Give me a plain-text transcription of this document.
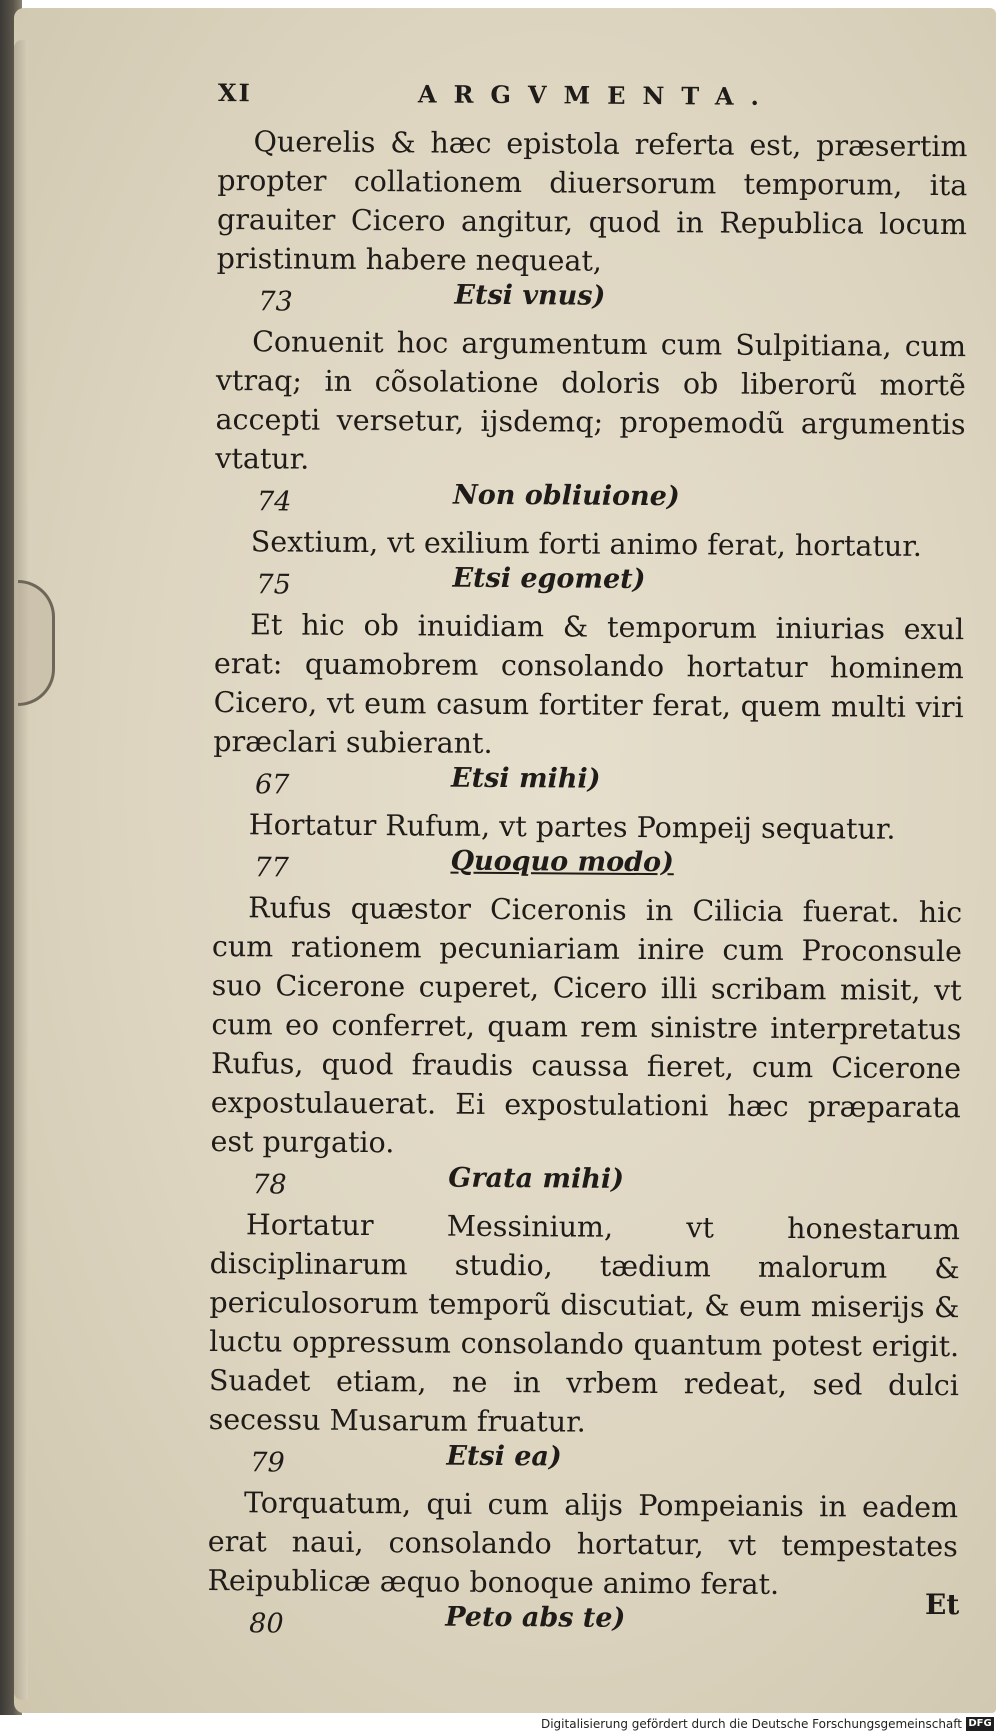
XI	ARGVMENTA.

Querelis & hæc epistola referta est, præsertim propter collationem diuersorum temporum, ita grauiter Cicero angitur, quod in Republica locum pristinum habere nequeat,

73	Etsi vnus)

Conuenit hoc argumentum cum Sulpitiana, cum vtraq; in cõsolatione doloris ob liberorũ mortẽ accepti versetur, ijsdemq; propemodũ argumentis vtatur.

74	Non obliuione)

Sextium, vt exilium forti animo ferat, hortatur.

75	Etsi egomet)

Et hic ob inuidiam & temporum iniurias exul erat: quamobrem consolando hortatur hominem Cicero, vt eum casum fortiter ferat, quem multi viri præclari subierant.

67	Etsi mihi)

Hortatur Rufum, vt partes Pompeij sequatur.

77	Quoquo modo)

Rufus quæstor Ciceronis in Cilicia fuerat. hic cum rationem pecuniariam inire cum Proconsule suo Cicerone cuperet, Cicero illi scribam misit, vt cum eo conferret, quam rem sinistre interpretatus Rufus, quod fraudis caussa fieret, cum Cicerone expostulauerat. Ei expostulationi hæc præparata est purgatio.

78	Grata mihi)

Hortatur Messinium, vt honestarum disciplinarum studio, tædium malorum & periculosorum temporũ discutiat, & eum miserijs & luctu oppressum consolando quantum potest erigit. Suadet etiam, ne in vrbem redeat, sed dulci secessu Musarum fruatur.

79	Etsi ea)

Torquatum, qui cum alijs Pompeianis in eadem erat naui, consolando hortatur, vt tempestates Reipublicæ æquo bonoque animo ferat.

80	Peto abs te)	Et
Digitalisierung gefördert durch die Deutsche Forschungsgemeinschaft DFG
